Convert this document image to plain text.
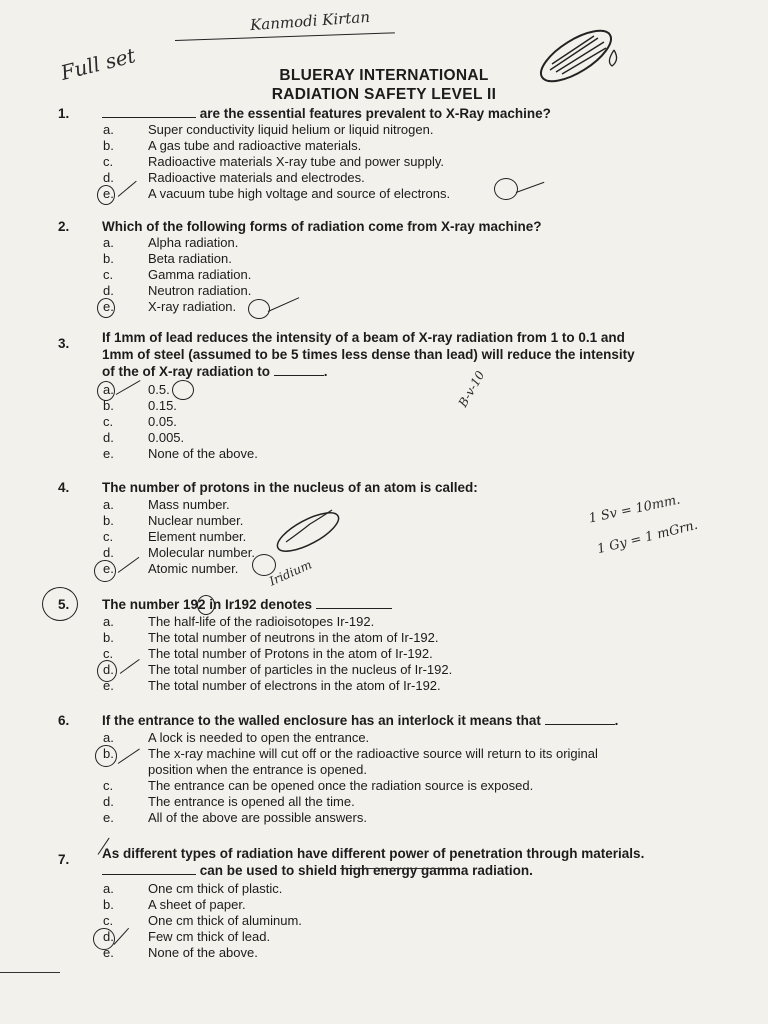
Full set
Kanmodi Kirtan
BLUERAY INTERNATIONAL
RADIATION SAFETY LEVEL II
1.	are the essential features prevalent to X-Ray machine?
a.	Super conductivity liquid helium or liquid nitrogen.
b.	A gas tube and radioactive materials.
c.	Radioactive materials X-ray tube and power supply.
d.	Radioactive materials and electrodes.
e.	A vacuum tube high voltage and source of electrons.
2. Which of the following forms of radiation come from X-ray machine?
a.	Alpha radiation.
b.	Beta radiation.
c.	Gamma radiation.
d.	Neutron radiation.
e.	X-ray radiation.
3. If 1mm of lead reduces the intensity of a beam of X-ray radiation from 1 to 0.1 and
1mm of steel (assumed to be 5 times less dense than lead) will reduce the intensity
of the of X-ray radiation to	.
a.	0.5.
b.	0.15.
c.	0.05.
d.	0.005.
e.	None of the above.
B-v-10
4. The number of protons in the nucleus of an atom is called:
a.	Mass number.
b.	Nuclear number.
c.	Element number.
d.	Molecular number.
e.	Atomic number.
1 Sv = 10mm.
1 Gy = 1 mGrn.
Iridium
5. The number 192 in Ir192 denotes
a.	The half-life of the radioisotopes Ir-192.
b.	The total number of neutrons in the atom of Ir-192.
c.	The total number of Protons in the atom of Ir-192.
d.	The total number of particles in the nucleus of Ir-192.
e.	The total number of electrons in the atom of Ir-192.
6. If the entrance to the walled enclosure has an interlock it means that	.
a.	A lock is needed to open the entrance.
b.	The x-ray machine will cut off or the radioactive source will return to its original
position when the entrance is opened.
c.	The entrance can be opened once the radiation source is exposed.
d.	The entrance is opened all the time.
e.	All of the above are possible answers.
7. As different types of radiation have different power of penetration through materials.
can be used to shield high energy gamma radiation.
a.	One cm thick of plastic.
b.	A sheet of paper.
c.	One cm thick of aluminum.
d.	Few cm thick of lead.
e.	None of the above.
